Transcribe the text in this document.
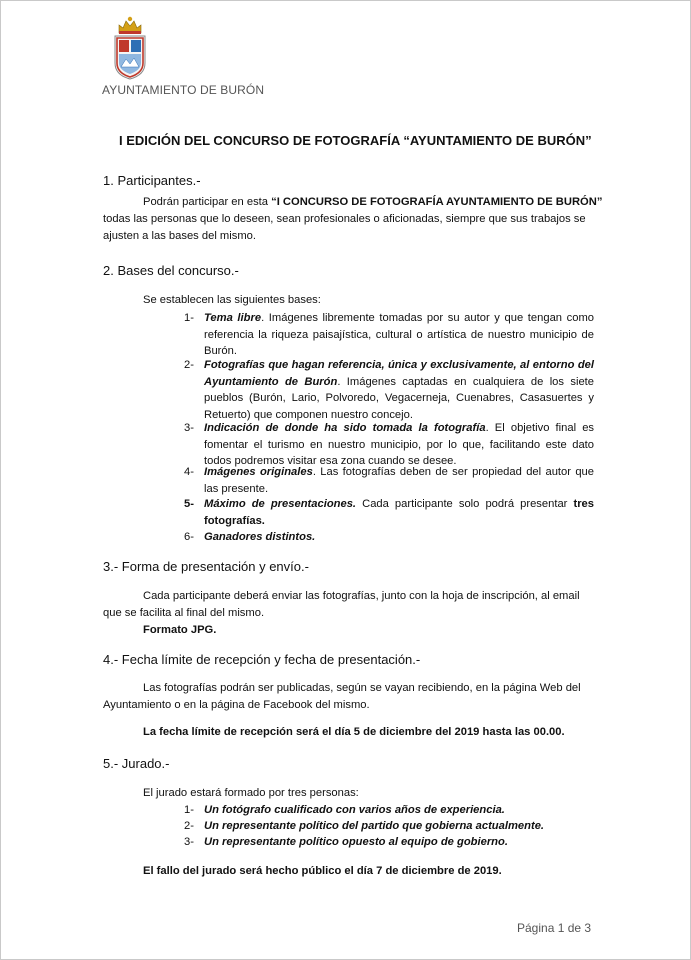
AYUNTAMIENTO DE BURÓN
I EDICIÓN DEL CONCURSO DE FOTOGRAFÍA “AYUNTAMIENTO DE BURÓN”
1. Participantes.-
Podrán participar en esta “I CONCURSO DE FOTOGRAFÍA AYUNTAMIENTO DE BURÓN”
todas las personas que lo deseen, sean profesionales o aficionadas, siempre que sus trabajos se
ajusten a las bases del mismo.
2. Bases del concurso.-
Se establecen las siguientes bases:
1- Tema libre. Imágenes libremente tomadas por su autor y que tengan como referencia la riqueza paisajística, cultural o artística de nuestro municipio de Burón.
2- Fotografías que hagan referencia, única y exclusivamente, al entorno del Ayuntamiento de Burón. Imágenes captadas en cualquiera de los siete pueblos (Burón, Lario, Polvoredo, Vegacerneja, Cuenabres, Casasuertes y Retuerto) que componen nuestro concejo.
3- Indicación de donde ha sido tomada la fotografía. El objetivo final es fomentar el turismo en nuestro municipio, por lo que, facilitando este dato todos podremos visitar esa zona cuando se desee.
4- Imágenes originales. Las fotografías deben de ser propiedad del autor que las presente.
5- Máximo de presentaciones. Cada participante solo podrá presentar tres fotografías.
6- Ganadores distintos.
3.- Forma de presentación y envío.-
Cada participante deberá enviar las fotografías, junto con la hoja de inscripción, al email
que se facilita al final del mismo.
Formato JPG.
4.- Fecha límite de recepción y fecha de presentación.-
Las fotografías podrán ser publicadas, según se vayan recibiendo, en la página Web del
Ayuntamiento o en la página de Facebook del mismo.
La fecha límite de recepción será el día 5 de diciembre del 2019 hasta las 00.00.
5.- Jurado.-
El jurado estará formado por tres personas:
1- Un fotógrafo cualificado con varios años de experiencia.
2- Un representante político del partido que gobierna actualmente.
3- Un representante político opuesto al equipo de gobierno.
El fallo del jurado será hecho público el día 7 de diciembre de 2019.
Página 1 de 3
